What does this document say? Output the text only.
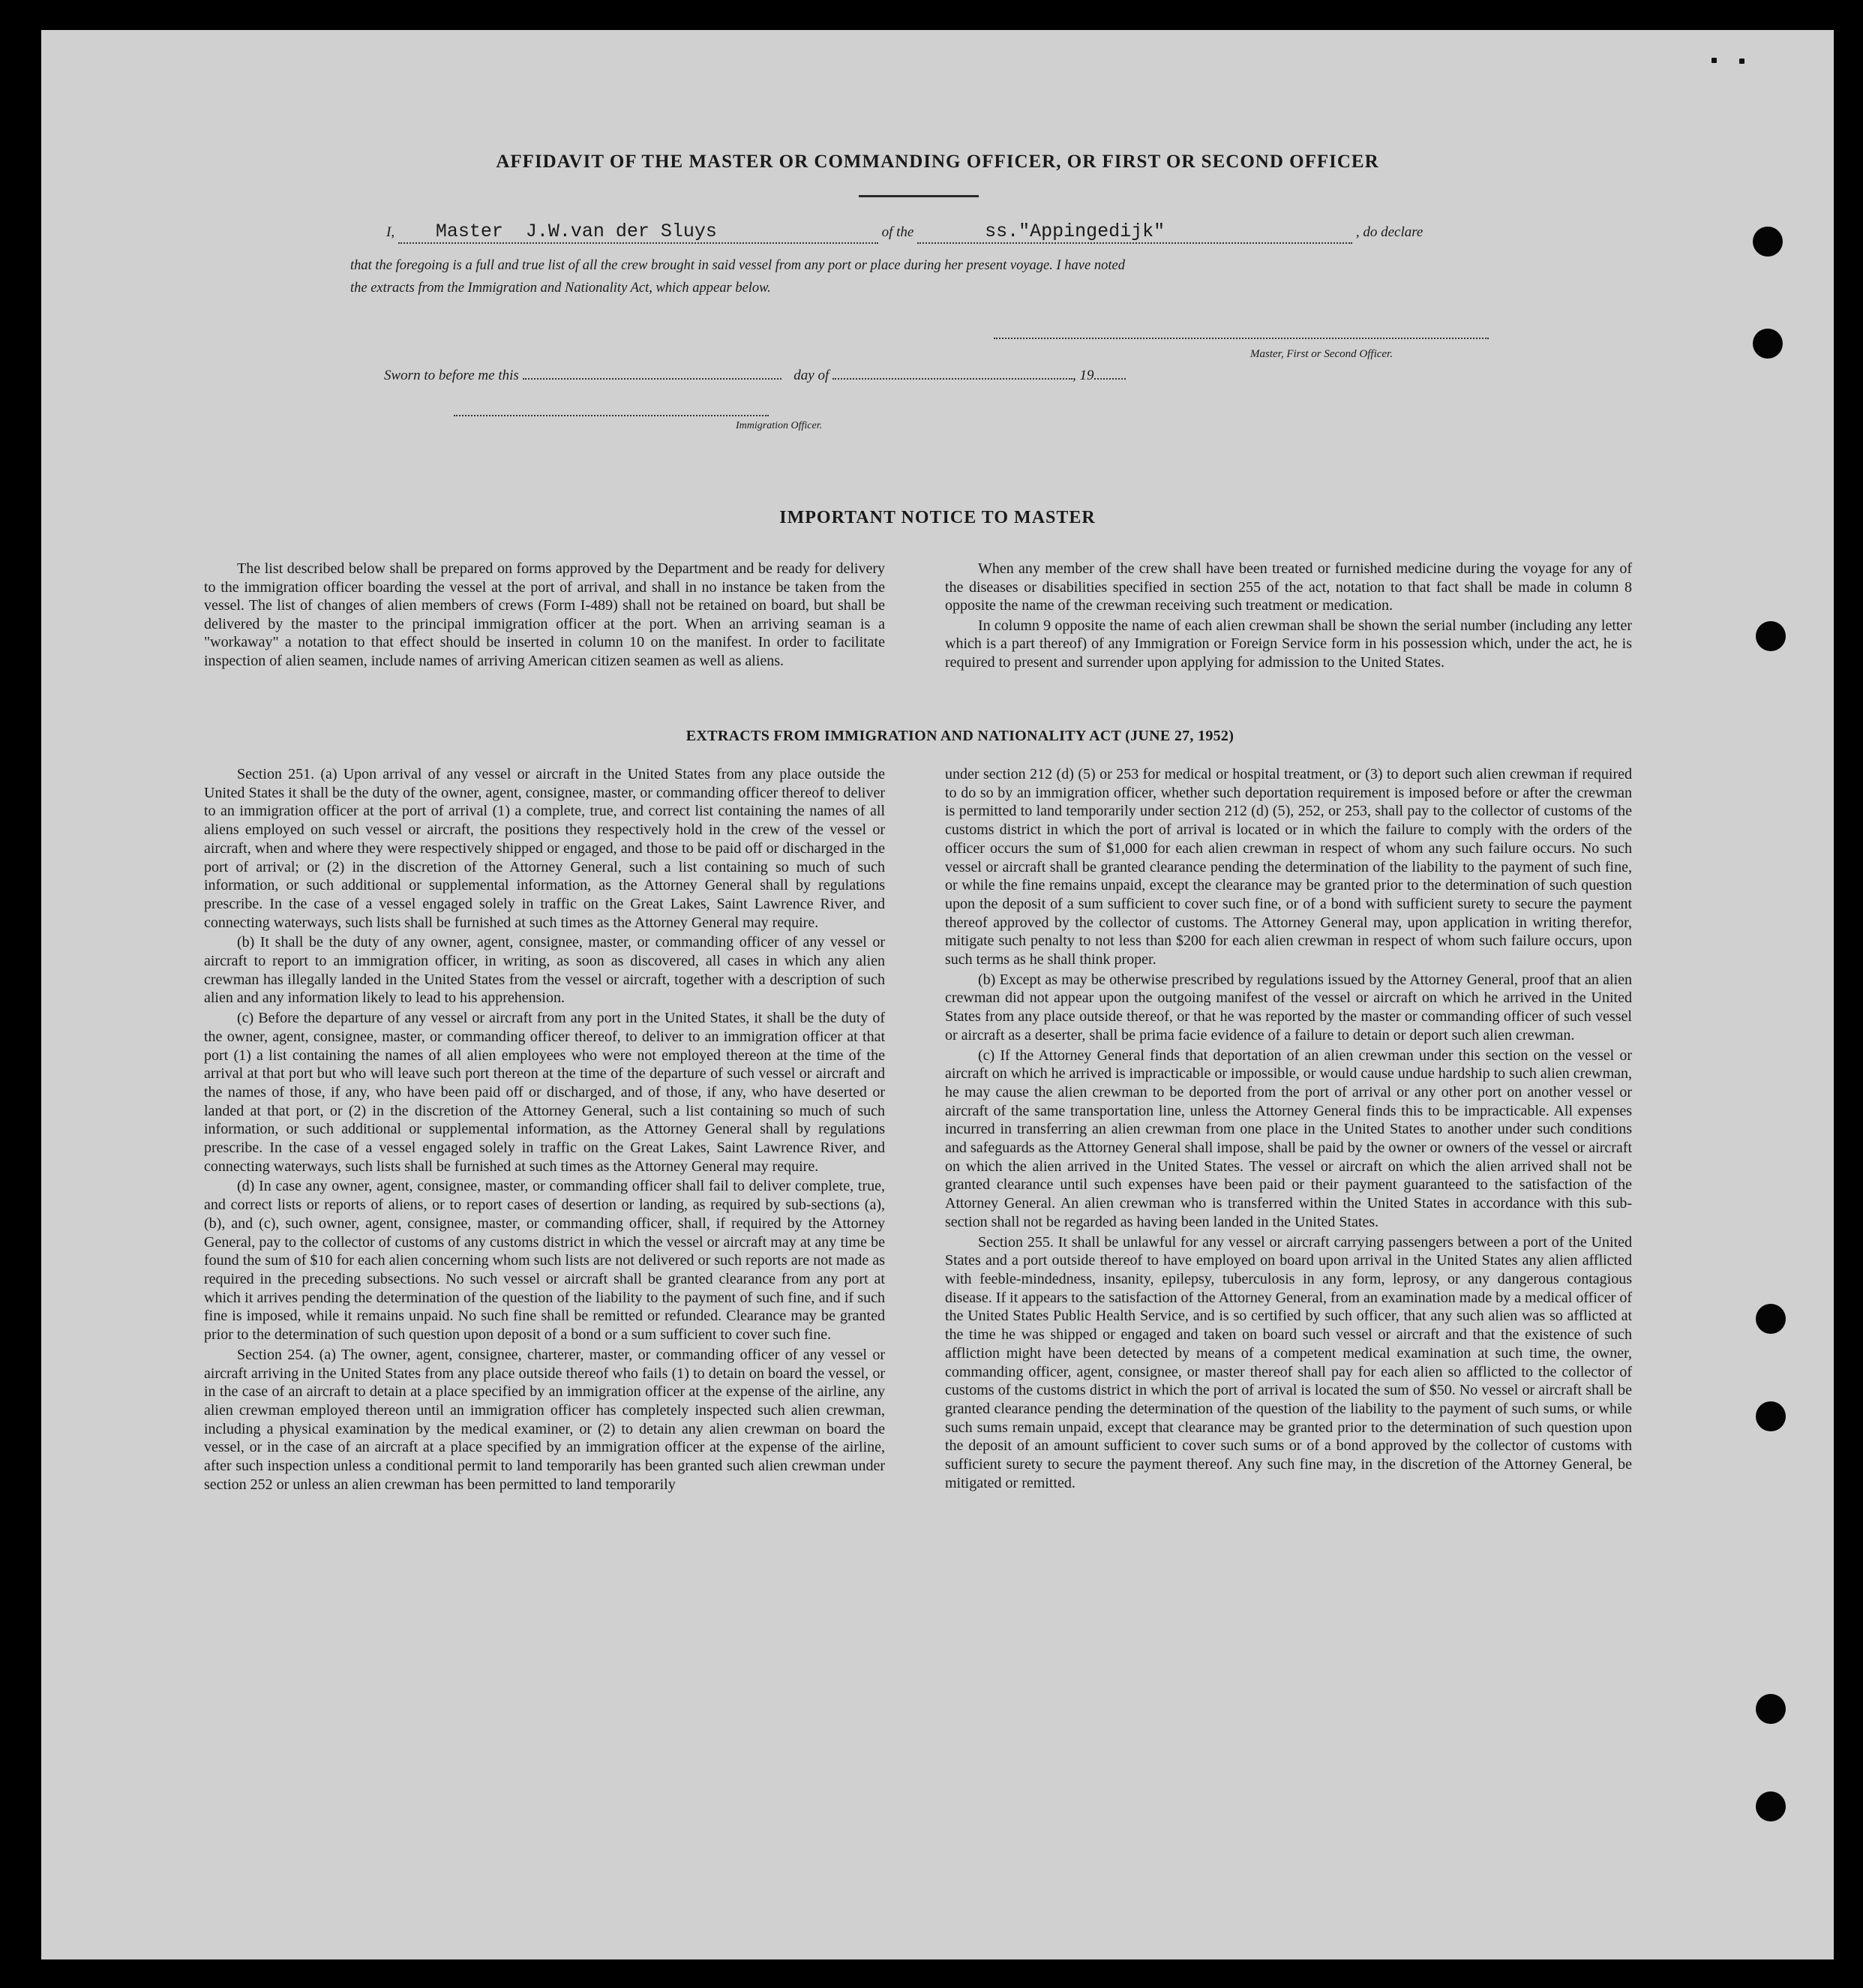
AFFIDAVIT OF THE MASTER OR COMMANDING OFFICER, OR FIRST OR SECOND OFFICER
I, Master  J.W.van der Sluys	of the	ss."Appingedijk"	, do declare
that the foregoing is a full and true list of all the crew brought in said vessel from any port or place during her present voyage. I have noted
the extracts from the Immigration and Nationality Act, which appear below.
Master, First or Second Officer.
Sworn to before me this	day of	, 19
Immigration Officer.
IMPORTANT NOTICE TO MASTER

The list described below shall be prepared on forms approved by the Department and be ready for delivery to the immigration officer boarding the vessel at the port of arrival, and shall in no instance be taken from the vessel. The list of changes of alien members of crews (Form I-489) shall not be retained on board, but shall be delivered by the master to the principal immigration officer at the port. When an arriving seaman is a "workaway" a notation to that effect should be inserted in column 10 on the manifest. In order to facilitate inspection of alien seamen, include names of arriving American citizen seamen as well as aliens.

When any member of the crew shall have been treated or furnished medicine during the voyage for any of the diseases or disabilities specified in section 255 of the act, notation to that fact shall be made in column 8 opposite the name of the crewman receiving such treatment or medication.

In column 9 opposite the name of each alien crewman shall be shown the serial number (including any letter which is a part thereof) of any Immigration or Foreign Service form in his possession which, under the act, he is required to present and surrender upon applying for admission to the United States.

EXTRACTS FROM IMMIGRATION AND NATIONALITY ACT (JUNE 27, 1952)

Section 251. (a) Upon arrival of any vessel or aircraft in the United States from any place outside the United States it shall be the duty of the owner, agent, consignee, master, or commanding officer thereof to deliver to an immigration officer at the port of arrival (1) a complete, true, and correct list containing the names of all aliens employed on such vessel or aircraft, the positions they respectively hold in the crew of the vessel or aircraft, when and where they were respectively shipped or engaged, and those to be paid off or discharged in the port of arrival; or (2) in the discretion of the Attorney General, such a list containing so much of such information, or such additional or supplemental information, as the Attorney General shall by regulations prescribe. In the case of a vessel engaged solely in traffic on the Great Lakes, Saint Lawrence River, and connecting waterways, such lists shall be furnished at such times as the Attorney General may require.

(b) It shall be the duty of any owner, agent, consignee, master, or commanding officer of any vessel or aircraft to report to an immigration officer, in writing, as soon as discovered, all cases in which any alien crewman has illegally landed in the United States from the vessel or aircraft, together with a description of such alien and any information likely to lead to his apprehension.

(c) Before the departure of any vessel or aircraft from any port in the United States, it shall be the duty of the owner, agent, consignee, master, or commanding officer thereof, to deliver to an immigration officer at that port (1) a list containing the names of all alien employees who were not employed thereon at the time of the arrival at that port but who will leave such port thereon at the time of the departure of such vessel or aircraft and the names of those, if any, who have been paid off or discharged, and of those, if any, who have deserted or landed at that port, or (2) in the discretion of the Attorney General, such a list containing so much of such information, or such additional or supplemental information, as the Attorney General shall by regulations prescribe. In the case of a vessel engaged solely in traffic on the Great Lakes, Saint Lawrence River, and connecting waterways, such lists shall be furnished at such times as the Attorney General may require.

(d) In case any owner, agent, consignee, master, or commanding officer shall fail to deliver complete, true, and correct lists or reports of aliens, or to report cases of desertion or landing, as required by sub-sections (a), (b), and (c), such owner, agent, consignee, master, or commanding officer, shall, if required by the Attorney General, pay to the collector of customs of any customs district in which the vessel or aircraft may at any time be found the sum of $10 for each alien concerning whom such lists are not delivered or such reports are not made as required in the preceding subsections. No such vessel or aircraft shall be granted clearance from any port at which it arrives pending the determination of the question of the liability to the payment of such fine, and if such fine is imposed, while it remains unpaid. No such fine shall be remitted or refunded. Clearance may be granted prior to the determination of such question upon deposit of a bond or a sum sufficient to cover such fine.

Section 254. (a) The owner, agent, consignee, charterer, master, or commanding officer of any vessel or aircraft arriving in the United States from any place outside thereof who fails (1) to detain on board the vessel, or in the case of an aircraft to detain at a place specified by an immigration officer at the expense of the airline, any alien crewman employed thereon until an immigration officer has completely inspected such alien crewman, including a physical examination by the medical examiner, or (2) to detain any alien crewman on board the vessel, or in the case of an aircraft at a place specified by an immigration officer at the expense of the airline, after such inspection unless a conditional permit to land temporarily has been granted such alien crewman under section 252 or unless an alien crewman has been permitted to land temporarily

under section 212 (d) (5) or 253 for medical or hospital treatment, or (3) to deport such alien crewman if required to do so by an immigration officer, whether such deportation requirement is imposed before or after the crewman is permitted to land temporarily under section 212 (d) (5), 252, or 253, shall pay to the collector of customs of the customs district in which the port of arrival is located or in which the failure to comply with the orders of the officer occurs the sum of $1,000 for each alien crewman in respect of whom any such failure occurs. No such vessel or aircraft shall be granted clearance pending the determination of the liability to the payment of such fine, or while the fine remains unpaid, except the clearance may be granted prior to the determination of such question upon the deposit of a sum sufficient to cover such fine, or of a bond with sufficient surety to secure the payment thereof approved by the collector of customs. The Attorney General may, upon application in writing therefor, mitigate such penalty to not less than $200 for each alien crewman in respect of whom such failure occurs, upon such terms as he shall think proper.

(b) Except as may be otherwise prescribed by regulations issued by the Attorney General, proof that an alien crewman did not appear upon the outgoing manifest of the vessel or aircraft on which he arrived in the United States from any place outside thereof, or that he was reported by the master or commanding officer of such vessel or aircraft as a deserter, shall be prima facie evidence of a failure to detain or deport such alien crewman.

(c) If the Attorney General finds that deportation of an alien crewman under this section on the vessel or aircraft on which he arrived is impracticable or impossible, or would cause undue hardship to such alien crewman, he may cause the alien crewman to be deported from the port of arrival or any other port on another vessel or aircraft of the same transportation line, unless the Attorney General finds this to be impracticable. All expenses incurred in transferring an alien crewman from one place in the United States to another under such conditions and safeguards as the Attorney General shall impose, shall be paid by the owner or owners of the vessel or aircraft on which the alien arrived in the United States. The vessel or aircraft on which the alien arrived shall not be granted clearance until such expenses have been paid or their payment guaranteed to the satisfaction of the Attorney General. An alien crewman who is transferred within the United States in accordance with this sub-section shall not be regarded as having been landed in the United States.

Section 255. It shall be unlawful for any vessel or aircraft carrying passengers between a port of the United States and a port outside thereof to have employed on board upon arrival in the United States any alien afflicted with feeble-mindedness, insanity, epilepsy, tuberculosis in any form, leprosy, or any dangerous contagious disease. If it appears to the satisfaction of the Attorney General, from an examination made by a medical officer of the United States Public Health Service, and is so certified by such officer, that any such alien was so afflicted at the time he was shipped or engaged and taken on board such vessel or aircraft and that the existence of such affliction might have been detected by means of a competent medical examination at such time, the owner, commanding officer, agent, consignee, or master thereof shall pay for each alien so afflicted to the collector of customs of the customs district in which the port of arrival is located the sum of $50. No vessel or aircraft shall be granted clearance pending the determination of the question of the liability to the payment of such sums, or while such sums remain unpaid, except that clearance may be granted prior to the determination of such question upon the deposit of an amount sufficient to cover such sums or of a bond approved by the collector of customs with sufficient surety to secure the payment thereof. Any such fine may, in the discretion of the Attorney General, be mitigated or remitted.
